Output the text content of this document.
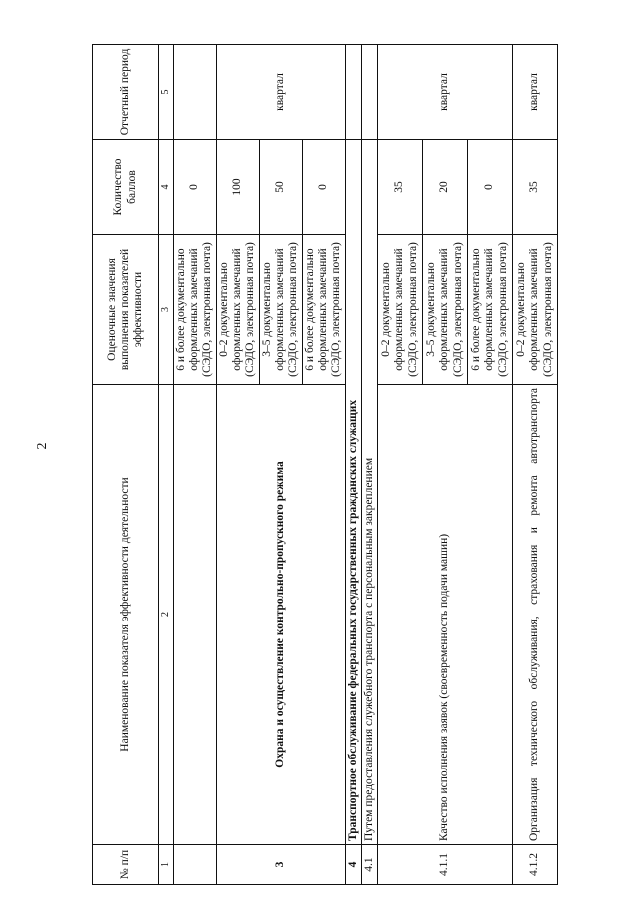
2
№ п/п	Наименование показателя эффективности деятельности	Оценочные значения выполнения показателей эффективности	Количество баллов	Отчетный период
1	2	3	4	5
		6 и более документально оформленных замечаний (СЭДО, электронная почта)	0	
3	Охрана и осуществление контрольно-пропускного режима	0–2 документально оформленных замечаний (СЭДО, электронная почта)	100	квартал
		3–5 документально оформленных замечаний (СЭДО, электронная почта)	50	
		6 и более документально оформленных замечаний (СЭДО, электронная почта)	0	
4	Транспортное обслуживание федеральных государственных гражданских служащих			
4.1	Путем предоставления служебного транспорта с персональным закреплением			
4.1.1	Качество исполнения заявок (своевременность подачи машин)	0–2 документально оформленных замечаний (СЭДО, электронная почта)	35	квартал
		3–5 документально оформленных замечаний (СЭДО, электронная почта)	20	
		6 и более документально оформленных замечаний (СЭДО, электронная почта)	0	
4.1.2	Организация технического обслуживания, страхования и ремонта автотранспорта	0–2 документально оформленных замечаний (СЭДО, электронная почта)	35	квартал
